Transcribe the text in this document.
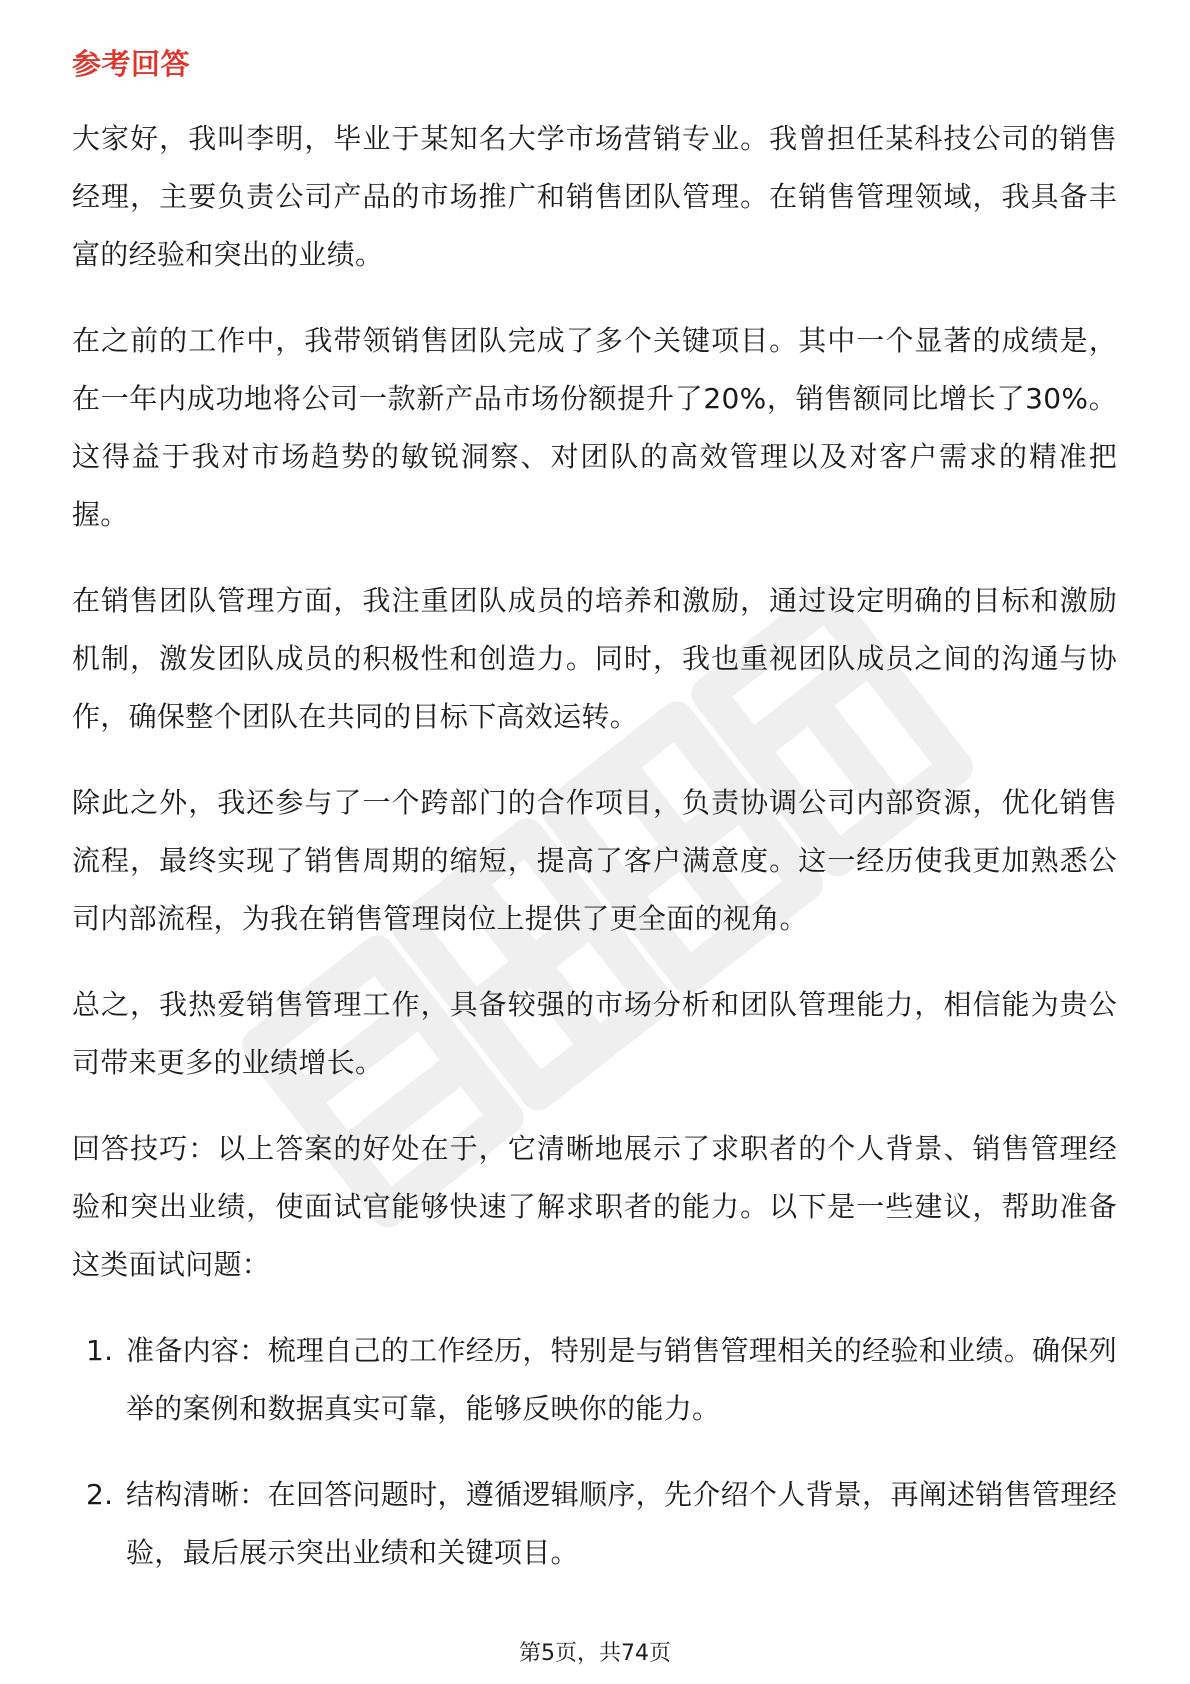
参考回答

大家好，我叫李明，毕业于某知名大学市场营销专业。我曾担任某科技公司的销售经理，主要负责公司产品的市场推广和销售团队管理。在销售管理领域，我具备丰富的经验和突出的业绩。

在之前的工作中，我带领销售团队完成了多个关键项目。其中一个显著的成绩是，在一年内成功地将公司一款新产品市场份额提升了20%，销售额同比增长了30%。这得益于我对市场趋势的敏锐洞察、对团队的高效管理以及对客户需求的精准把握。

在销售团队管理方面，我注重团队成员的培养和激励，通过设定明确的目标和激励机制，激发团队成员的积极性和创造力。同时，我也重视团队成员之间的沟通与协作，确保整个团队在共同的目标下高效运转。

除此之外，我还参与了一个跨部门的合作项目，负责协调公司内部资源，优化销售流程，最终实现了销售周期的缩短，提高了客户满意度。这一经历使我更加熟悉公司内部流程，为我在销售管理岗位上提供了更全面的视角。

总之，我热爱销售管理工作，具备较强的市场分析和团队管理能力，相信能为贵公司带来更多的业绩增长。

回答技巧：以上答案的好处在于，它清晰地展示了求职者的个人背景、销售管理经验和突出业绩，使面试官能够快速了解求职者的能力。以下是一些建议，帮助准备这类面试问题：

1. 准备内容：梳理自己的工作经历，特别是与销售管理相关的经验和业绩。确保列举的案例和数据真实可靠，能够反映你的能力。
2. 结构清晰：在回答问题时，遵循逻辑顺序，先介绍个人背景，再阐述销售管理经验，最后展示突出业绩和关键项目。
第5页，共74页
